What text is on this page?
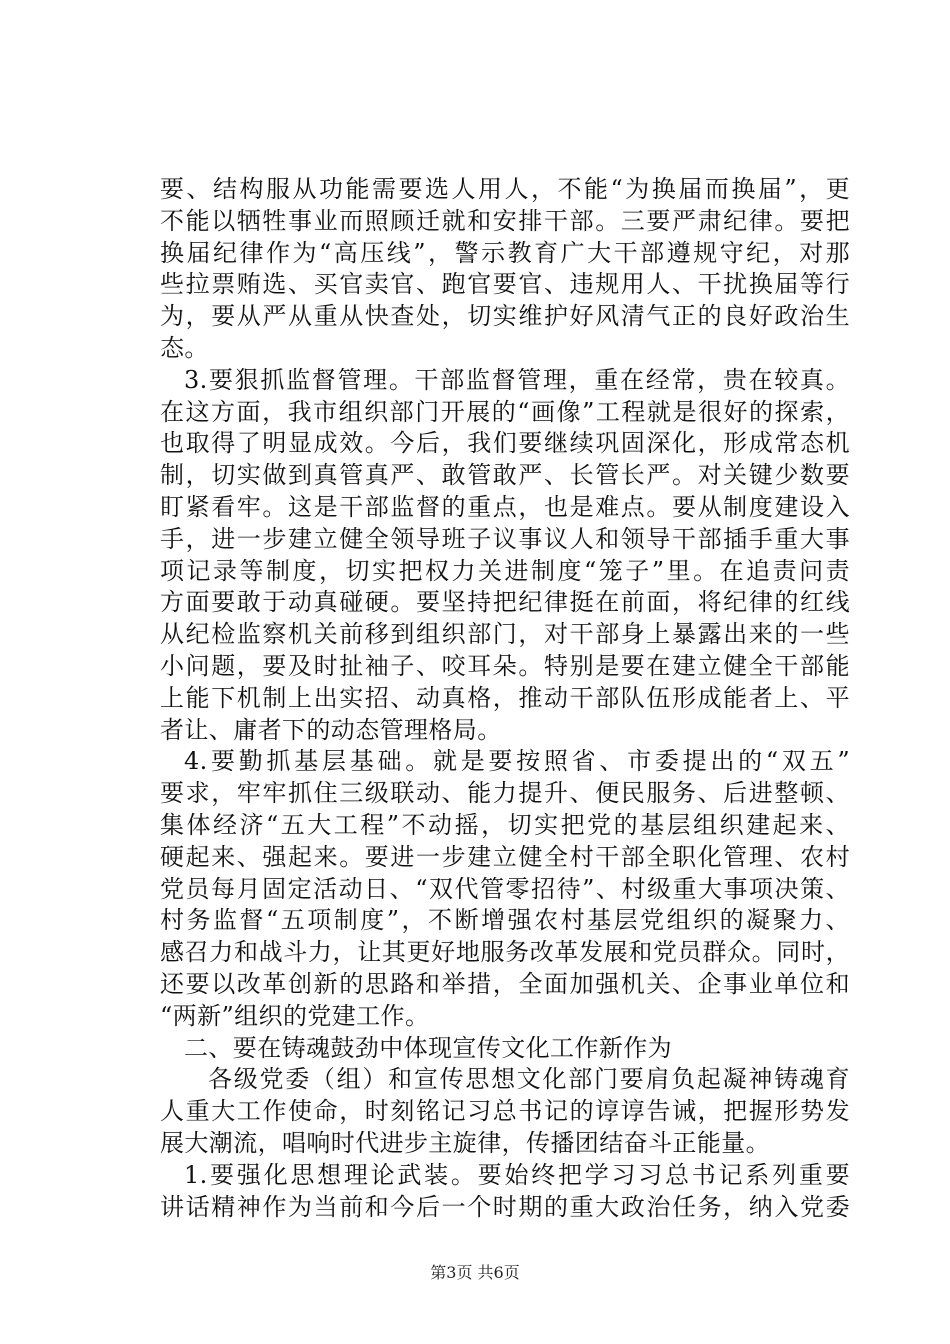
要、结构服从功能需要选人用人，不能“为换届而换届”，更
不能以牺牲事业而照顾迁就和安排干部。三要严肃纪律。要把
换届纪律作为“高压线”，警示教育广大干部遵规守纪，对那
些拉票贿选、买官卖官、跑官要官、违规用人、干扰换届等行
为，要从严从重从快查处，切实维护好风清气正的良好政治生
态。
3.要狠抓监督管理。干部监督管理，重在经常，贵在较真。
在这方面，我市组织部门开展的“画像”工程就是很好的探索，
也取得了明显成效。今后，我们要继续巩固深化，形成常态机
制，切实做到真管真严、敢管敢严、长管长严。对关键少数要
盯紧看牢。这是干部监督的重点，也是难点。要从制度建设入
手，进一步建立健全领导班子议事议人和领导干部插手重大事
项记录等制度，切实把权力关进制度“笼子”里。在追责问责
方面要敢于动真碰硬。要坚持把纪律挺在前面，将纪律的红线
从纪检监察机关前移到组织部门，对干部身上暴露出来的一些
小问题，要及时扯袖子、咬耳朵。特别是要在建立健全干部能
上能下机制上出实招、动真格，推动干部队伍形成能者上、平
者让、庸者下的动态管理格局。
4.要勤抓基层基础。就是要按照省、市委提出的“双五”
要求，牢牢抓住三级联动、能力提升、便民服务、后进整顿、
集体经济“五大工程”不动摇，切实把党的基层组织建起来、
硬起来、强起来。要进一步建立健全村干部全职化管理、农村
党员每月固定活动日、“双代管零招待”、村级重大事项决策、
村务监督“五项制度”，不断增强农村基层党组织的凝聚力、
感召力和战斗力，让其更好地服务改革发展和党员群众。同时，
还要以改革创新的思路和举措，全面加强机关、企事业单位和
“两新”组织的党建工作。
二、要在铸魂鼓劲中体现宣传文化工作新作为
各级党委（组）和宣传思想文化部门要肩负起凝神铸魂育
人重大工作使命，时刻铭记习总书记的谆谆告诫，把握形势发
展大潮流，唱响时代进步主旋律，传播团结奋斗正能量。
1.要强化思想理论武装。要始终把学习习总书记系列重要
讲话精神作为当前和今后一个时期的重大政治任务，纳入党委
第3页 共6页
